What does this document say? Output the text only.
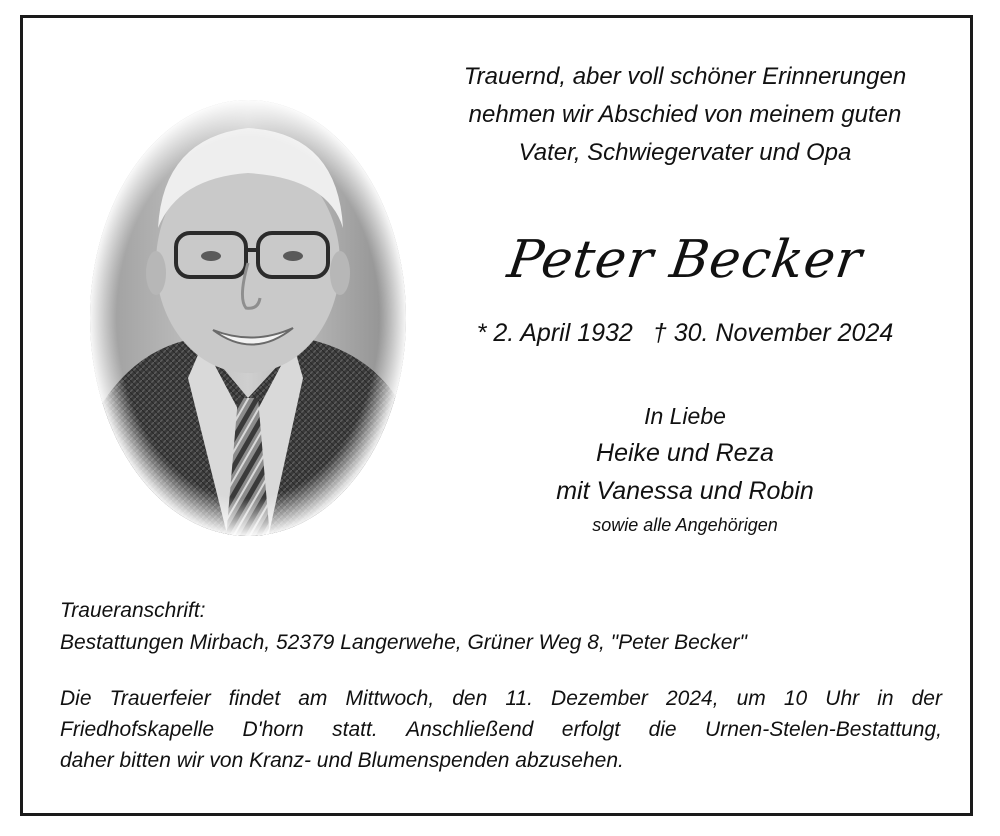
Trauernd, aber voll schöner Erinnerungen
nehmen wir Abschied von meinem guten
Vater, Schwiegervater und Opa
Peter Becker
* 2. April 1932 † 30. November 2024
In Liebe
Heike und Reza
mit Vanessa und Robin
sowie alle Angehörigen
Traueranschrift:
Bestattungen Mirbach, 52379 Langerwehe, Grüner Weg 8, "Peter Becker"
Die Trauerfeier findet am Mittwoch, den 11. Dezember 2024, um 10 Uhr in der
Friedhofskapelle D'horn statt. Anschließend erfolgt die Urnen-Stelen-Bestattung,
daher bitten wir von Kranz- und Blumenspenden abzusehen.
